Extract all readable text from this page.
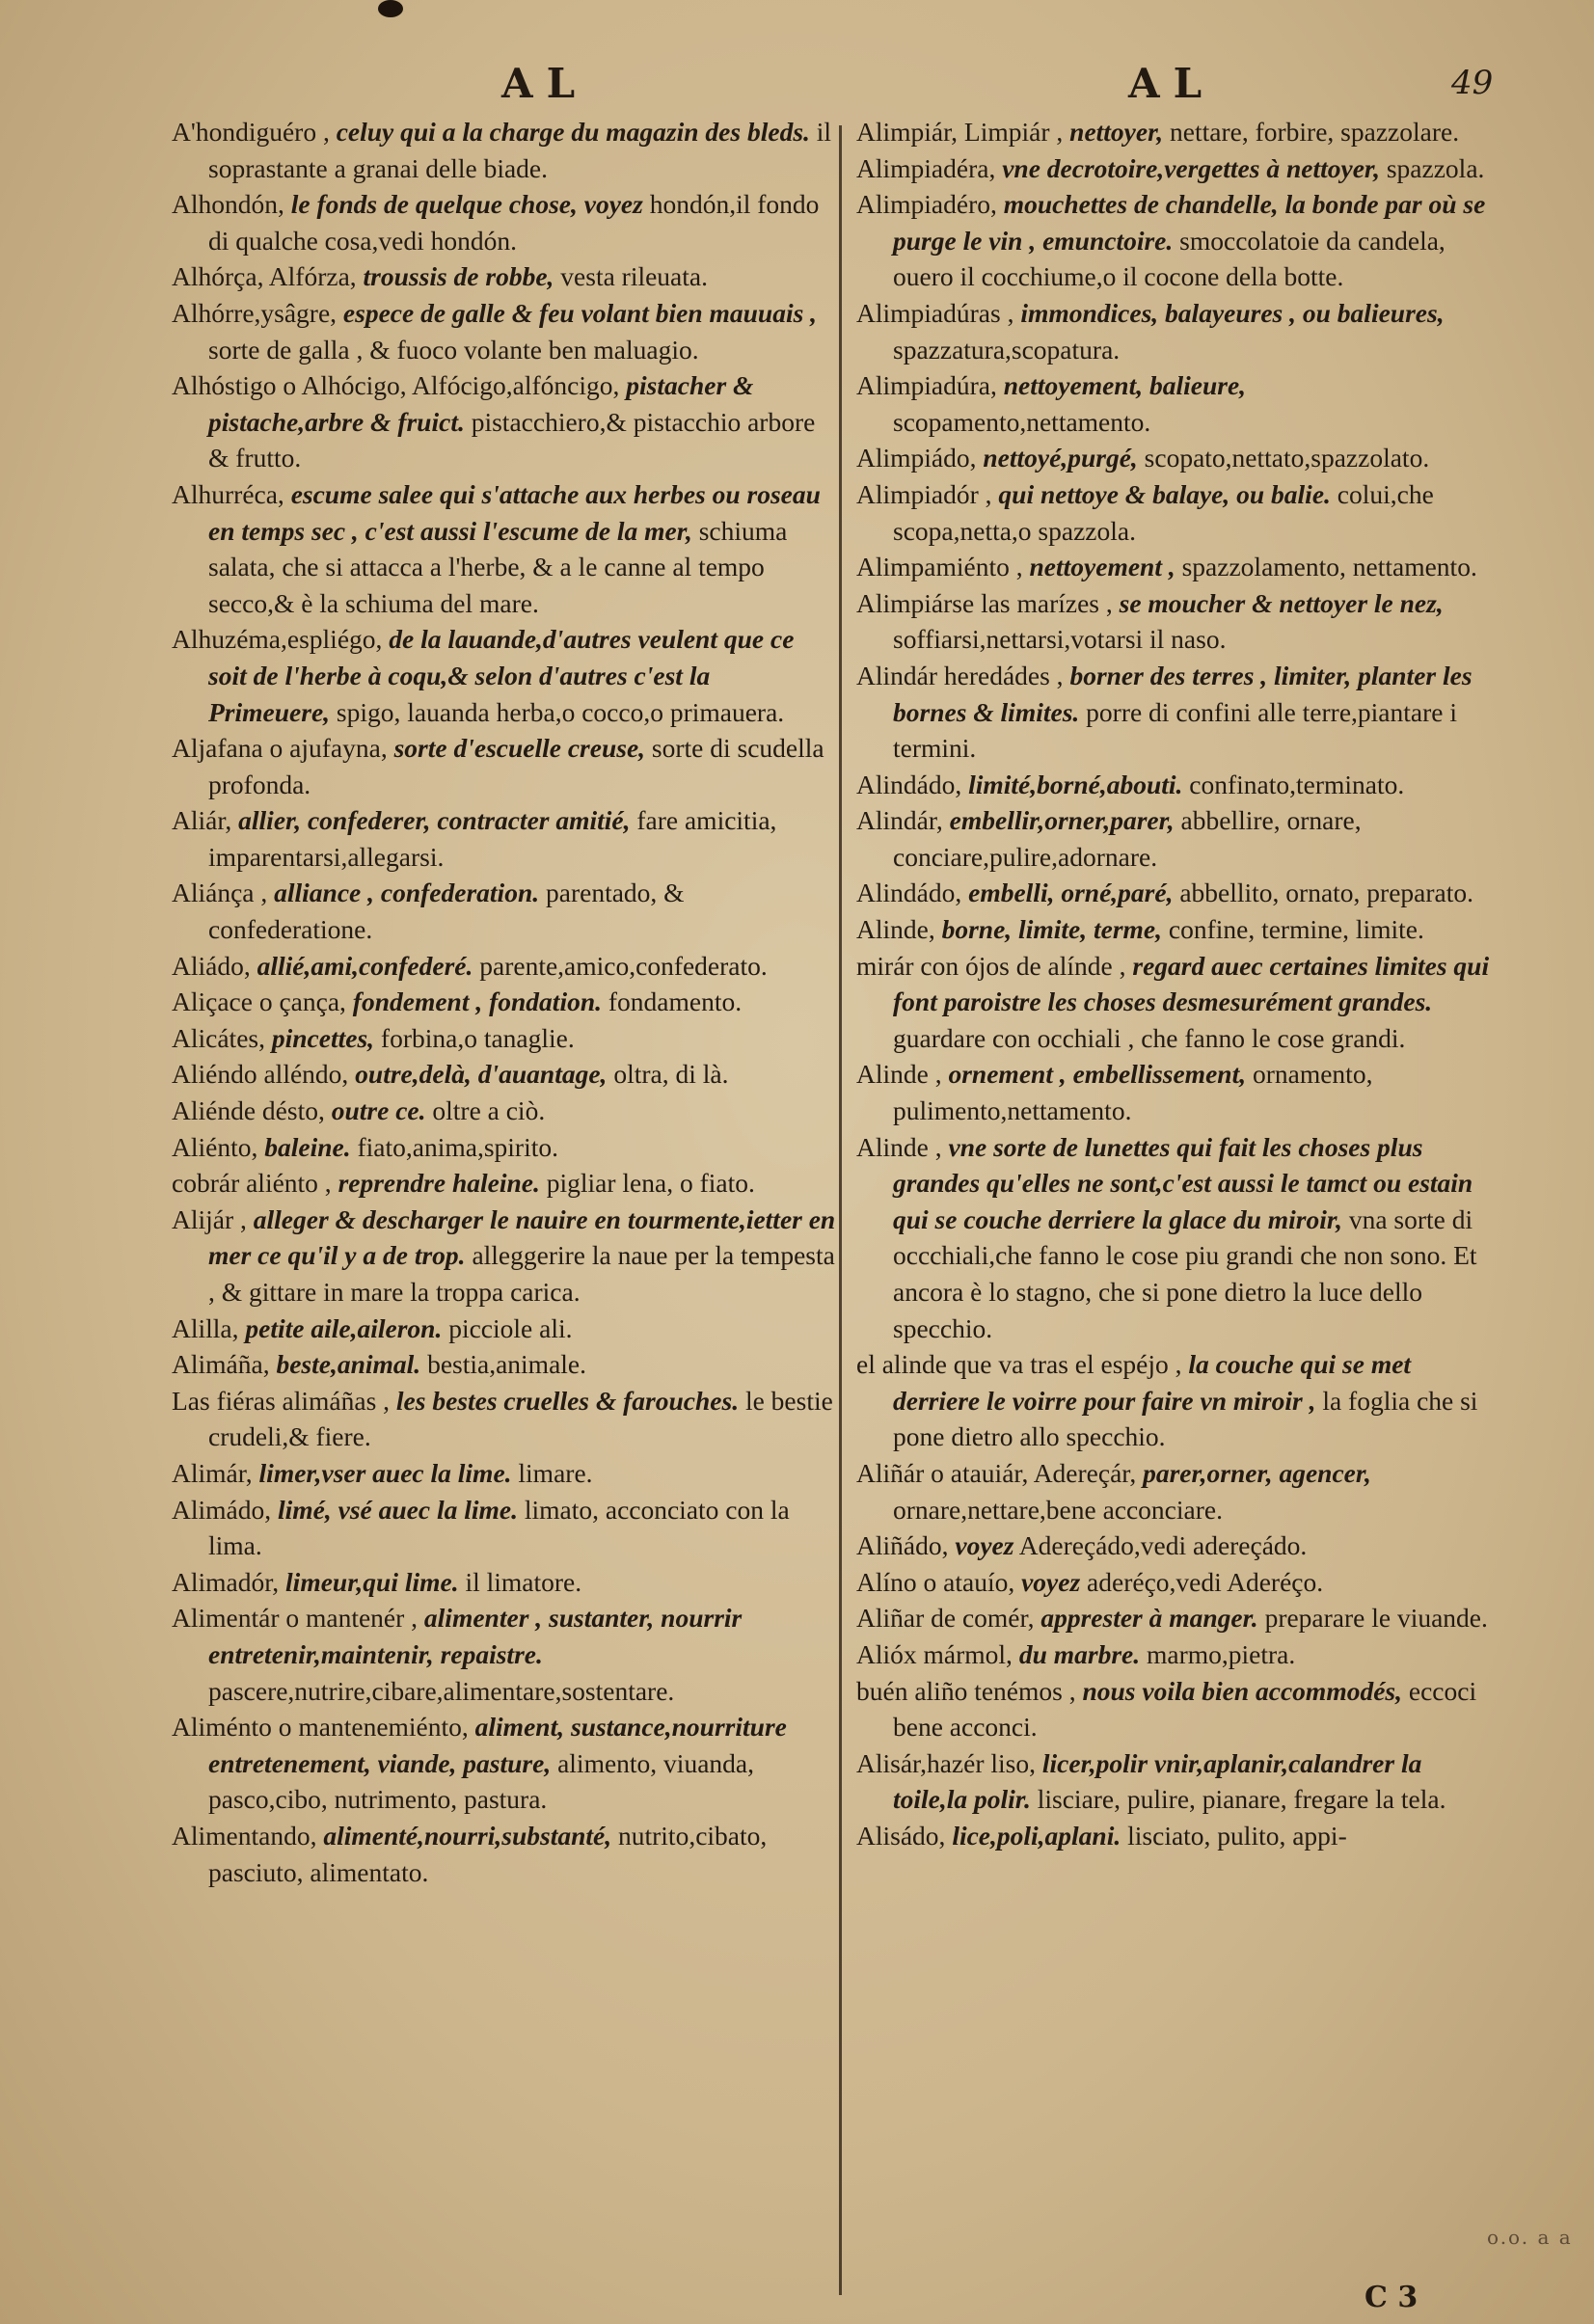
AL	AL	49

A'hondiguéro , celuy qui a la charge du magazin des bleds. il soprastante a granai delle biade.

Alhondón, le fonds de quelque chose, voyez hondón,il fondo di qualche cosa,vedi hondón.

Alhórça, Alfórza, troussis de robbe, vesta rileuata.

Alhórre,ysâgre, espece de galle & feu volant bien mauuais , sorte de galla , & fuoco volante ben maluagio.

Alhóstigo o Alhócigo, Alfócigo,alfóncigo, pistacher & pistache,arbre & fruict. pistacchiero,& pistacchio arbore & frutto.

Alhurréca, escume salee qui s'attache aux herbes ou roseau en temps sec , c'est aussi l'escume de la mer, schiuma salata, che si attacca a l'herbe, & a le canne al tempo secco,& è la schiuma del mare.

Alhuzéma,espliégo, de la lauande,d'autres veulent que ce soit de l'herbe à coqu,& selon d'autres c'est la Primeuere, spigo, lauanda herba,o cocco,o primauera.

Aljafana o ajufayna, sorte d'escuelle creuse, sorte di scudella profonda.

Aliár, allier, confederer, contracter amitié, fare amicitia, imparentarsi,allegarsi.

Aliánça , alliance , confederation. parentado, & confederatione.

Aliádo, allié,ami,confederé. parente,amico,confederato.

Aliçace o çança, fondement , fondation. fondamento.

Alicátes, pincettes, forbina,o tanaglie.

Aliéndo alléndo, outre,delà, d'auantage, oltra, di là.

Aliénde désto, outre ce. oltre a ciò.

Aliénto, baleine. fiato,anima,spirito.

cobrár aliénto , reprendre haleine. pigliar lena, o fiato.

Alijár , alleger & descharger le nauire en tourmente,ietter en mer ce qu'il y a de trop. alleggerire la naue per la tempesta , & gittare in mare la troppa carica.

Alilla, petite aile,aileron. picciole ali.

Alimáña, beste,animal. bestia,animale.

Las fiéras alimáñas , les bestes cruelles & farouches. le bestie crudeli,& fiere.

Alimár, limer,vser auec la lime. limare.

Alimádo, limé, vsé auec la lime. limato, acconciato con la lima.

Alimadór, limeur,qui lime. il limatore.

Alimentár o mantenér , alimenter , sustanter, nourrir entretenir,maintenir, repaistre. pascere,nutrire,cibare,alimentare,sostentare.

Aliménto o mantenemiénto, aliment, sustance,nourriture entretenement, viande, pasture, alimento, viuanda, pasco,cibo, nutrimento, pastura.

Alimentando, alimenté,nourri,substanté, nutrito,cibato, pasciuto, alimentato.

Alimpiár, Limpiár , nettoyer, nettare, forbire, spazzolare.

Alimpiadéra, vne decrotoire,vergettes à nettoyer, spazzola.

Alimpiadéro, mouchettes de chandelle, la bonde par où se purge le vin , emunctoire. smoccolatoie da candela, ouero il cocchiume,o il cocone della botte.

Alimpiadúras , immondices, balayeures , ou balieures, spazzatura,scopatura.

Alimpiadúra, nettoyement, balieure, scopamento,nettamento.

Alimpiádo, nettoyé,purgé, scopato,nettato,spazzolato.

Alimpiadór , qui nettoye & balaye, ou balie. colui,che scopa,netta,o spazzola.

Alimpamiénto , nettoyement , spazzolamento, nettamento.

Alimpiárse las marízes , se moucher & nettoyer le nez, soffiarsi,nettarsi,votarsi il naso.

Alindár heredádes , borner des terres , limiter, planter les bornes & limites. porre di confini alle terre,piantare i termini.

Alindádo, limité,borné,abouti. confinato,terminato.

Alindár, embellir,orner,parer, abbellire, ornare, conciare,pulire,adornare.

Alindádo, embelli, orné,paré, abbellito, ornato, preparato.

Alinde, borne, limite, terme, confine, termine, limite.

mirár con ójos de alínde , regard auec certaines limites qui font paroistre les choses desmesurément grandes. guardare con occhiali , che fanno le cose grandi.

Alinde , ornement , embellissement, ornamento, pulimento,nettamento.

Alinde , vne sorte de lunettes qui fait les choses plus grandes qu'elles ne sont,c'est aussi le tamct ou estain qui se couche derriere la glace du miroir, vna sorte di occchiali,che fanno le cose piu grandi che non sono. Et ancora è lo stagno, che si pone dietro la luce dello specchio.

el alinde que va tras el espéjo , la couche qui se met derriere le voirre pour faire vn miroir , la foglia che si pone dietro allo specchio.

Aliñár o atauiár, Adereçár, parer,orner, agencer, ornare,nettare,bene acconciare.

Aliñádo, voyez Adereçádo,vedi adereçádo.

Alíno o atauío, voyez aderéço,vedi Aderéço.

Aliñar de comér, apprester à manger. preparare le viuande.

Alióx mármol, du marbre. marmo,pietra.

buén aliño tenémos , nous voila bien accommodés, eccoci bene acconci.

Alisár,hazér liso, licer,polir vnir,aplanir,calandrer la toile,la polir. lisciare, pulire, pianare, fregare la tela.

Alisádo, lice,poli,aplani. lisciato, pulito, appi-

o.o. a a
C 3
